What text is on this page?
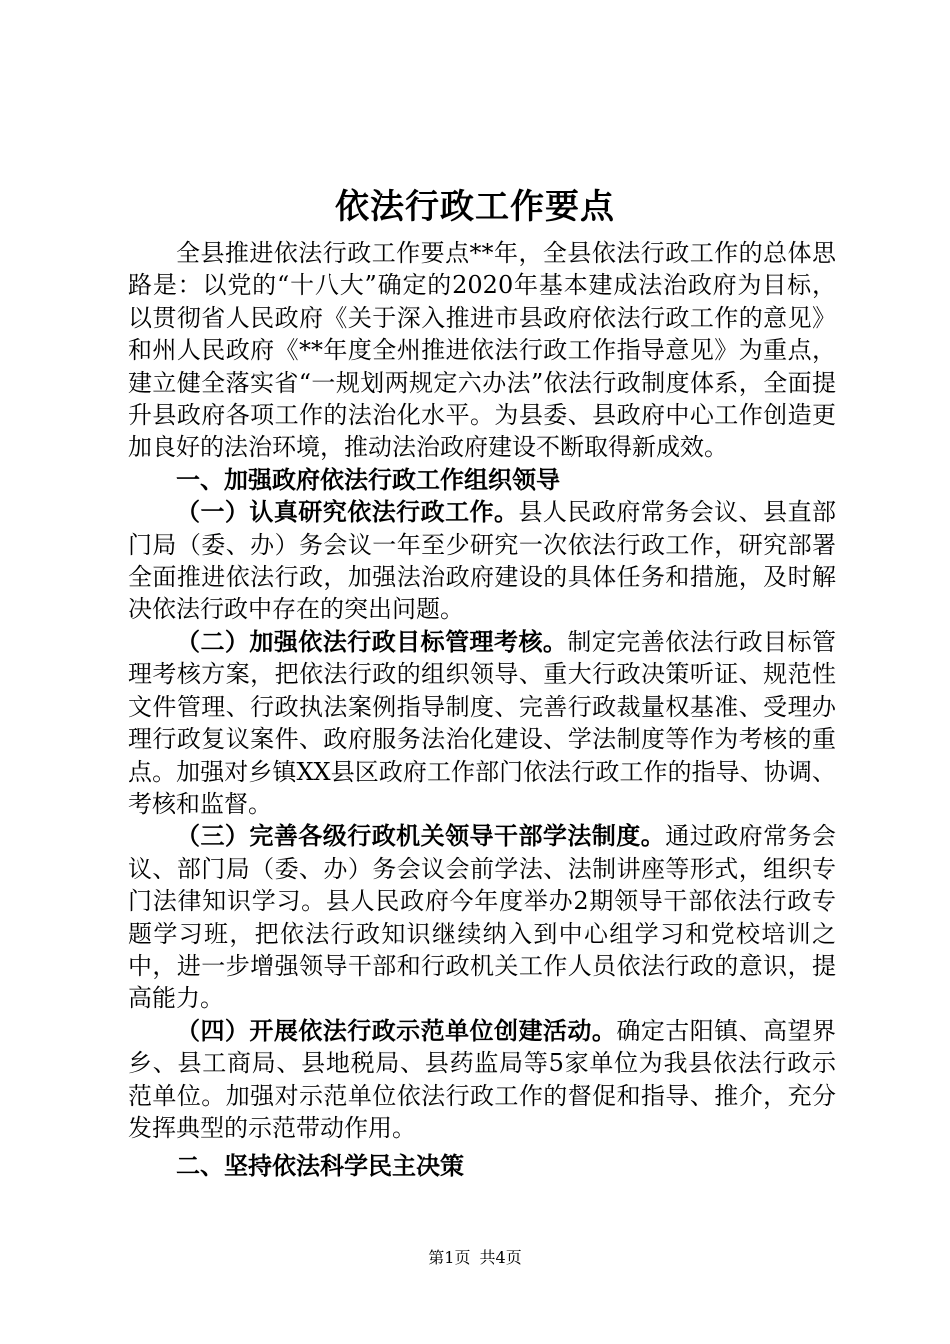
依法行政工作要点

全县推进依法行政工作要点**年，全县依法行政工作的总体思路是：以党的“十八大”确定的2020年基本建成法治政府为目标，以贯彻省人民政府《关于深入推进市县政府依法行政工作的意见》和州人民政府《**年度全州推进依法行政工作指导意见》为重点，建立健全落实省“一规划两规定六办法”依法行政制度体系，全面提升县政府各项工作的法治化水平。为县委、县政府中心工作创造更加良好的法治环境，推动法治政府建设不断取得新成效。

一、加强政府依法行政工作组织领导

（一）认真研究依法行政工作。县人民政府常务会议、县直部门局（委、办）务会议一年至少研究一次依法行政工作，研究部署全面推进依法行政，加强法治政府建设的具体任务和措施，及时解决依法行政中存在的突出问题。

（二）加强依法行政目标管理考核。制定完善依法行政目标管理考核方案，把依法行政的组织领导、重大行政决策听证、规范性文件管理、行政执法案例指导制度、完善行政裁量权基准、受理办理行政复议案件、政府服务法治化建设、学法制度等作为考核的重点。加强对乡镇XX县区政府工作部门依法行政工作的指导、协调、考核和监督。

（三）完善各级行政机关领导干部学法制度。通过政府常务会议、部门局（委、办）务会议会前学法、法制讲座等形式，组织专门法律知识学习。县人民政府今年度举办2期领导干部依法行政专题学习班，把依法行政知识继续纳入到中心组学习和党校培训之中，进一步增强领导干部和行政机关工作人员依法行政的意识，提高能力。

（四）开展依法行政示范单位创建活动。确定古阳镇、高望界乡、县工商局、县地税局、县药监局等5家单位为我县依法行政示范单位。加强对示范单位依法行政工作的督促和指导、推介，充分发挥典型的示范带动作用。

二、坚持依法科学民主决策

第1页 共4页
